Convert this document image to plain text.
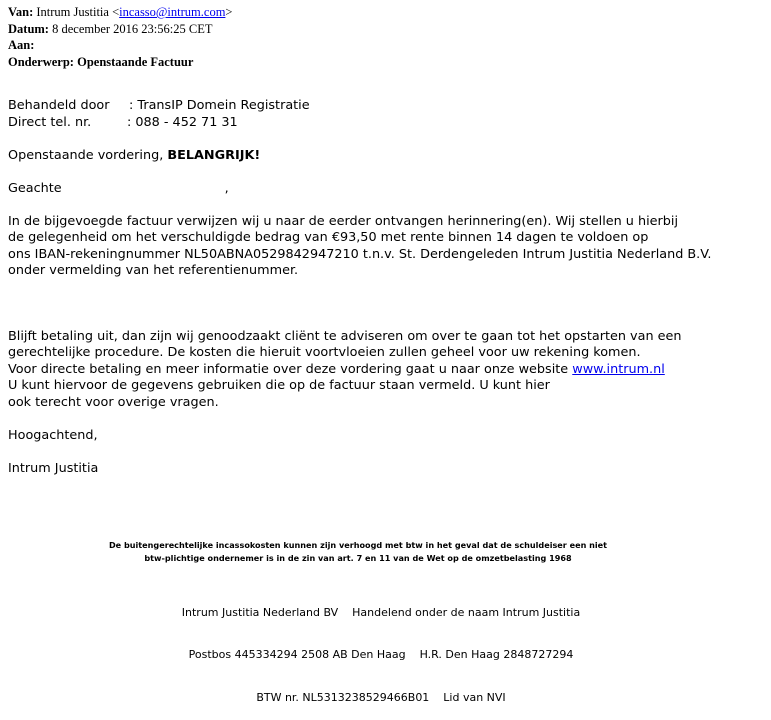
Van: Intrum Justitia <incasso@intrum.com>
Datum: 8 december 2016 23:56:25 CET
Aan:
Onderwerp: Openstaande Factuur
Behandeld door : TransIP Domein Registratie
Direct tel. nr.	: 088 - 452 71 31

Openstaande vordering, BELANGRIJK!

Geachte	,

In de bijgevoegde factuur verwijzen wij u naar de eerder ontvangen herinnering(en). Wij stellen u hierbij

de gelegenheid om het verschuldigde bedrag van €93,50 met rente binnen 14 dagen te voldoen op

ons IBAN-rekeningnummer NL50ABNA0529842947210 t.n.v. St. Derdengeleden Intrum Justitia Nederland B.V.

onder vermelding van het referentienummer.

Blijft betaling uit, dan zijn wij genoodzaakt cliënt te adviseren om over te gaan tot het opstarten van een

gerechtelijke procedure. De kosten die hieruit voortvloeien zullen geheel voor uw rekening komen.

Voor directe betaling en meer informatie over deze vordering gaat u naar onze website www.intrum.nl

U kunt hiervoor de gegevens gebruiken die op de factuur staan vermeld. U kunt hier

ook terecht voor overige vragen.

Hoogachtend,

Intrum Justitia

De buitengerechtelijke incassokosten kunnen zijn verhoogd met btw in het geval dat de schuldeiser een niet
btw-plichtige ondernemer is in de zin van art. 7 en 11 van de Wet op de omzetbelasting 1968

Intrum Justitia Nederland BV    Handelend onder de naam Intrum Justitia

Postbos 445334294 2508 AB Den Haag    H.R. Den Haag 2848727294

BTW nr. NL5313238529466B01    Lid van NVI
